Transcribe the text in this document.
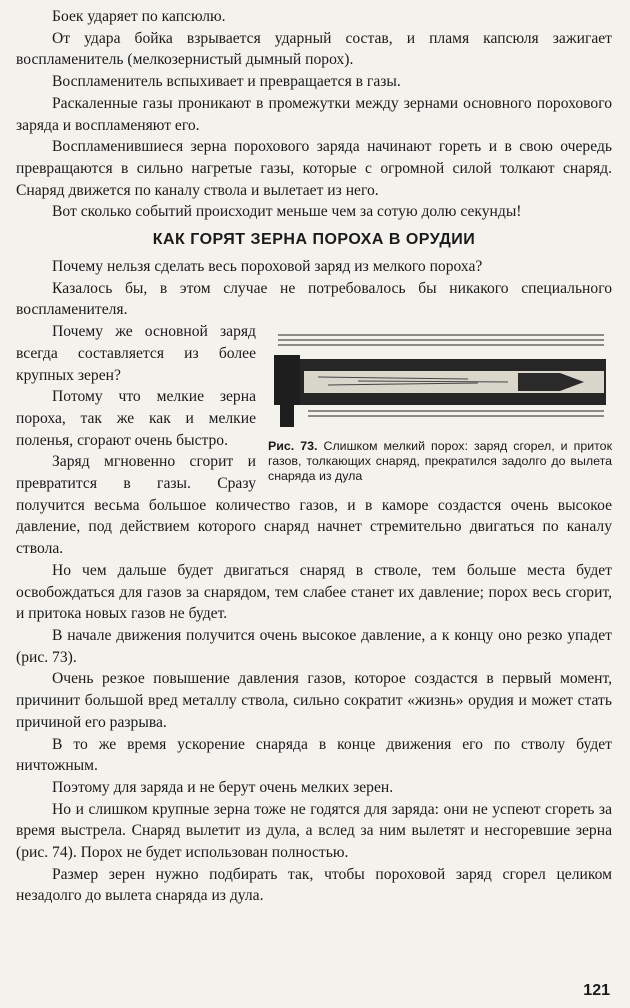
Боек ударяет по капсюлю.

От удара бойка взрывается ударный состав, и пламя капсюля зажигает воспламенитель (мелкозернистый дымный порох).

Воспламенитель вспыхивает и превращается в газы.

Раскаленные газы проникают в промежутки между зернами основного порохового заряда и воспламеняют его.

Воспламенившиеся зерна порохового заряда начинают гореть и в свою очередь превращаются в сильно нагретые газы, которые с огромной силой толкают снаряд. Снаряд движется по каналу ствола и вылетает из него.

Вот сколько событий происходит меньше чем за сотую долю секунды!

КАК ГОРЯТ ЗЕРНА ПОРОХА В ОРУДИИ

Почему нельзя сделать весь пороховой заряд из мелкого пороха?

Казалось бы, в этом случае не потребовалось бы никакого специального воспламенителя.

Рис. 73. Слишком мелкий порох: заряд сгорел, и приток газов, толкающих снаряд, прекратился задолго до вылета снаряда из дула

Почему же основной заряд всегда составляется из более крупных зерен?

Потому что мелкие зерна пороха, так же как и мелкие поленья, сгорают очень быстро.

Заряд мгновенно сгорит и превратится в газы. Сразу получится весьма большое количество газов, и в каморе создастся очень высокое давление, под действием которого снаряд начнет стремительно двигаться по каналу ствола.

Но чем дальше будет двигаться снаряд в стволе, тем больше места будет освобождаться для газов за снарядом, тем слабее станет их давление; порох весь сгорит, и притока новых газов не будет.

В начале движения получится очень высокое давление, а к концу оно резко упадет (рис. 73).

Очень резкое повышение давления газов, которое создастся в первый момент, причинит большой вред металлу ствола, сильно сократит «жизнь» орудия и может стать причиной его разрыва.

В то же время ускорение снаряда в конце движения его по стволу будет ничтожным.

Поэтому для заряда и не берут очень мелких зерен.

Но и слишком крупные зерна тоже не годятся для заряда: они не успеют сгореть за время выстрела. Снаряд вылетит из дула, а вслед за ним вылетят и несгоревшие зерна (рис. 74). Порох не будет использован полностью.

Размер зерен нужно подбирать так, чтобы пороховой заряд сгорел целиком незадолго до вылета снаряда из дула.

121
